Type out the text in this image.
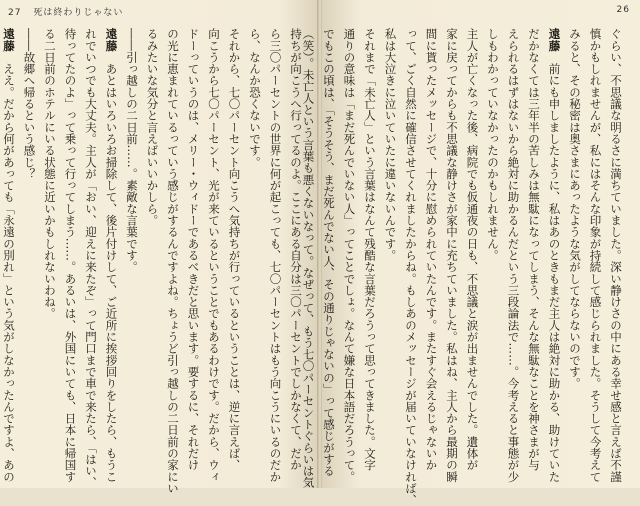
27 死は終わりじゃない
持ちが向こうへ行ってるのよ。ここにある自分は三〇パーセントでしかなくて、だか
ら三〇パーセントの世界に何が起こっても、七〇パーセントはもう向こうにいるのだか
ら、なんか恐くないです。
それから、七〇パーセント向こうへ気持ちが行っているということは、逆に言えば、
向こうから七〇パーセント、光が来ているということでもあるわけです。だから、ウィ
ドーっていうのは、メリー・ウィドーであるべきだと思います。要するに、それだけ
の光に恵まれているっていう感じがするんですよね。ちょうど引っ越しの二日前の家にい
るみたいな気分と言えばいいかしら。
――引っ越しの二日前……。素敵な言葉です。
遠藤　あとはいろいろお掃除して、後片付けして、ご近所に挨拶回りをしたら、もうこ
れでいつでも大丈夫。主人が「おい、迎えに来たぞ」って門口まで車で来たら、「はい、
待ってたのよ」って乗って行ってしまう……。あるいは、外国にいても、日本に帰国す
る二日前のホテルにいる状態に近いかもしれないわね。
――故郷へ帰るという感じ？
遠藤　ええ。だから何があっても「永遠の別れ」という気がしなかったんですよ、あの
26
ぐらい、不思議な明るさに満ちていました。深い静けさの中にある幸せ感と言えば不謹
慎かもしれませんが、私にはそんな印象が持続して感じられました。そうして今考えて
みると、その秘密は奥さまにあったような気がしてならないのです。
遠藤　前にも申しましたように、私はあのときもまだ主人は絶対に助かる、助けていた
だかなくては三年半の苦しみは無駄になってしまう、そんな無駄なことを神さまが与
えられるはずはないから絶対に助かるんだという三段論法で……。今考えると事態が少
しもわかっていなかったのかもしれません。
主人が亡くなった後、病院でも仮通夜の日も、不思議と涙が出ませんでした。遺体が
家に戻ってからも不思議な静けさが家中に充ちていました。私はね、主人から最期の瞬
間に貰ったメッセージで、十分に慰められていたんです。またすぐ会えるじゃないか
って、ごく自然に確信させてくれましたからね。もしあのメッセージが届いていなければ、
私は大泣きに泣いていたに違いないんです。
それまで「未亡人」という言葉はなんて残酷な言葉だろうって思ってきました。文字
通りの意味は「まだ死んでいない人」ってことでしょ。なんて嫌な日本語だろうって。
でもこの頃は、「そうそう、まだ死んでない人、その通りじゃないの」って感じがする
（笑）。未亡人という言葉も悪くないなって。なぜって、もう七〇パーセントぐらいは気
